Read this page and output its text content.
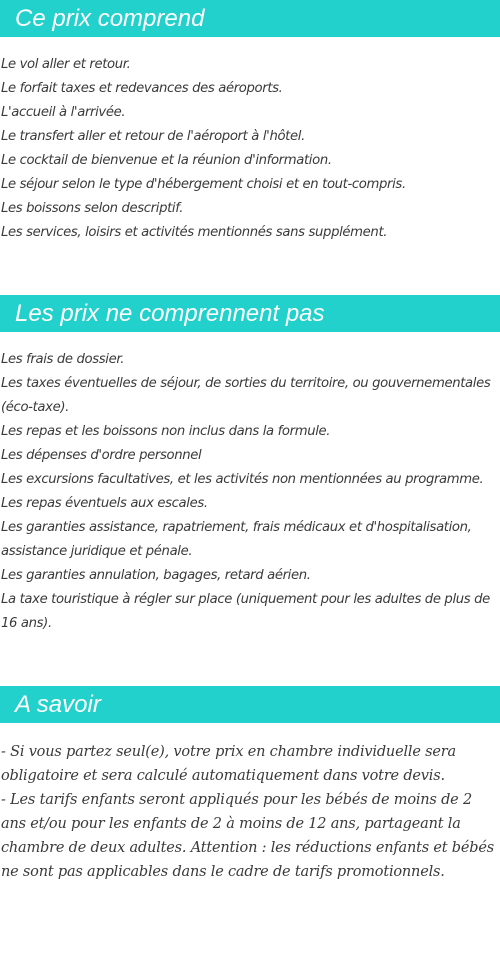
Ce prix comprend
Le vol aller et retour.
Le forfait taxes et redevances des aéroports.
L'accueil à l'arrivée.
Le transfert aller et retour de l'aéroport à l'hôtel.
Le cocktail de bienvenue et la réunion d'information.
Le séjour selon le type d'hébergement choisi et en tout-compris.
Les boissons selon descriptif.
Les services, loisirs et activités mentionnés sans supplément.
Les prix ne comprennent pas
Les frais de dossier.
Les taxes éventuelles de séjour, de sorties du territoire, ou gouvernementales (éco-taxe).
Les repas et les boissons non inclus dans la formule.
Les dépenses d'ordre personnel
Les excursions facultatives, et les activités non mentionnées au programme.
Les repas éventuels aux escales.
Les garanties assistance, rapatriement, frais médicaux et d'hospitalisation, assistance juridique et pénale.
Les garanties annulation, bagages, retard aérien.
La taxe touristique à régler sur place (uniquement pour les adultes de plus de 16 ans).
A savoir

- Si vous partez seul(e), votre prix en chambre individuelle sera obligatoire et sera calculé automatiquement dans votre devis.

- Les tarifs enfants seront appliqués pour les bébés de moins de 2 ans et/ou pour les enfants de 2 à moins de 12 ans, partageant la chambre de deux adultes. Attention : les réductions enfants et bébés ne sont pas applicables dans le cadre de tarifs promotionnels.
